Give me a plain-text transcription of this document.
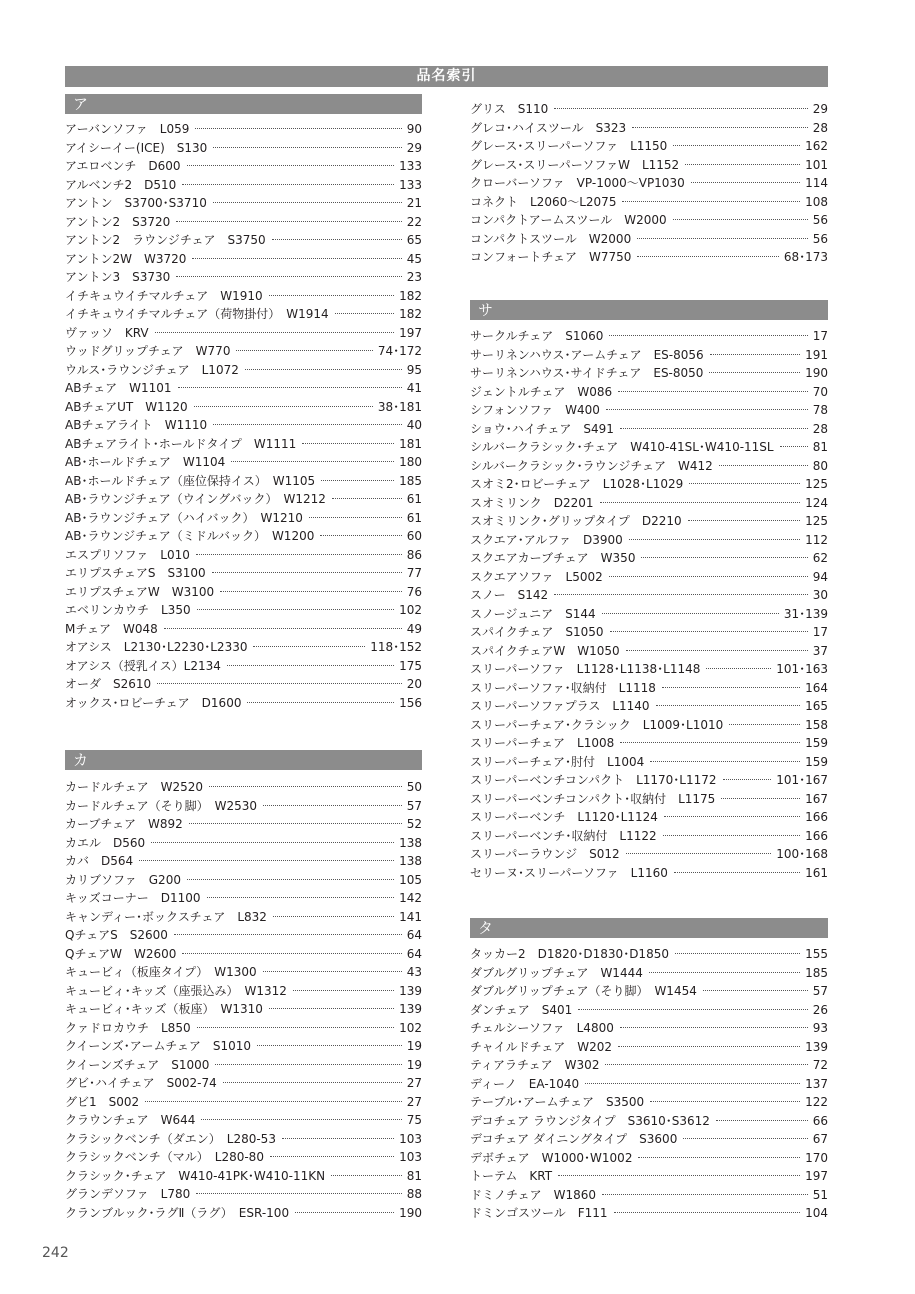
品名索引
ア
アーバンソファ　L059	90
アイシーイー(ICE)　S130	29
アエロベンチ　D600	133
アルベンチ2　D510	133
アントン　S3700･S3710	21
アントン2　S3720	22
アントン2　ラウンジチェア　S3750	65
アントン2W　W3720	45
アントン3　S3730	23
イチキュウイチマルチェア　W1910	182
イチキュウイチマルチェア（荷物掛付）　W1914	182
ヴァッソ　KRV	197
ウッドグリップチェア　W770	74･172
ウルス･ラウンジチェア　L1072	95
ABチェア　W1101	41
ABチェアUT　W1120	38･181
ABチェアライト　W1110	40
ABチェアライト･ホールドタイプ　W1111	181
AB･ホールドチェア　W1104	180
AB･ホールドチェア（座位保持イス）　W1105	185
AB･ラウンジチェア（ウイングバック）　W1212	61
AB･ラウンジチェア（ハイバック）　W1210	61
AB･ラウンジチェア（ミドルバック）　W1200	60
エスプリソファ　L010	86
エリプスチェアS　S3100	77
エリプスチェアW　W3100	76
エベリンカウチ　L350	102
Mチェア　W048	49
オアシス　L2130･L2230･L2330	118･152
オアシス（授乳イス）L2134	175
オーダ　S2610	20
オックス･ロビーチェア　D1600	156
カ
カードルチェア　W2520	50
カードルチェア（そり脚）　W2530	57
カーブチェア　W892	52
カエル　D560	138
カバ　D564	138
カリブソファ　G200	105
キッズコーナー　D1100	142
キャンディー･ボックスチェア　L832	141
QチェアS　S2600	64
QチェアW　W2600	64
キュービィ（板座タイプ）　W1300	43
キュービィ･キッズ（座張込み）　W1312	139
キュービィ･キッズ（板座）　W1310	139
クァドロカウチ　L850	102
クイーンズ･アームチェア　S1010	19
クイーンズチェア　S1000	19
グビ･ハイチェア　S002-74	27
グビ1　S002	27
クラウンチェア　W644	75
クラシックベンチ（ダエン）　L280-53	103
クラシックベンチ（マル）　L280-80	103
クラシック･チェア　W410-41PK･W410-11KN	81
グランデソファ　L780	88
クランブルック･ラグⅡ（ラグ）　ESR-100	190
グリス　S110	29
グレコ･ハイスツール　S323	28
グレース･スリーパーソファ　L1150	162
グレース･スリーパーソファW　L1152	101
クローバーソファ　VP-1000～VP1030	114
コネクト　L2060～L2075	108
コンパクトアームスツール　W2000	56
コンパクトスツール　W2000	56
コンフォートチェア　W7750	68･173
サ
サークルチェア　S1060	17
サーリネンハウス･アームチェア　ES-8056	191
サーリネンハウス･サイドチェア　ES-8050	190
ジェントルチェア　W086	70
シフォンソファ　W400	78
ショウ･ハイチェア　S491	28
シルバークラシック･チェア　W410-41SL･W410-11SL	81
シルバークラシック･ラウンジチェア　W412	80
スオミ2･ロビーチェア　L1028･L1029	125
スオミリンク　D2201	124
スオミリンク･グリップタイプ　D2210	125
スクエア･アルファ　D3900	112
スクエアカーブチェア　W350	62
スクエアソファ　L5002	94
スノー　S142	30
スノージュニア　S144	31･139
スパイクチェア　S1050	17
スパイクチェアW　W1050	37
スリーパーソファ　L1128･L1138･L1148	101･163
スリーパーソファ･収納付　L1118	164
スリーパーソファプラス　L1140	165
スリーパーチェア･クラシック　L1009･L1010	158
スリーパーチェア　L1008	159
スリーパーチェア･肘付　L1004	159
スリーパーベンチコンパクト　L1170･L1172	101･167
スリーパーベンチコンパクト･収納付　L1175	167
スリーパーベンチ　L1120･L1124	166
スリーパーベンチ･収納付　L1122	166
スリーパーラウンジ　S012	100･168
セリーヌ･スリーパーソファ　L1160	161
タ
タッカー2　D1820･D1830･D1850	155
ダブルグリップチェア　W1444	185
ダブルグリップチェア（そり脚）　W1454	57
ダンチェア　S401	26
チェルシーソファ　L4800	93
チャイルドチェア　W202	139
ティアラチェア　W302	72
ディーノ　EA-1040	137
テーブル･アームチェア　S3500	122
デコチェア ラウンジタイプ　S3610･S3612	66
デコチェア ダイニングタイプ　S3600	67
デボチェア　W1000･W1002	170
トーテム　KRT	197
ドミノチェア　W1860	51
ドミンゴスツール　F111	104
242
